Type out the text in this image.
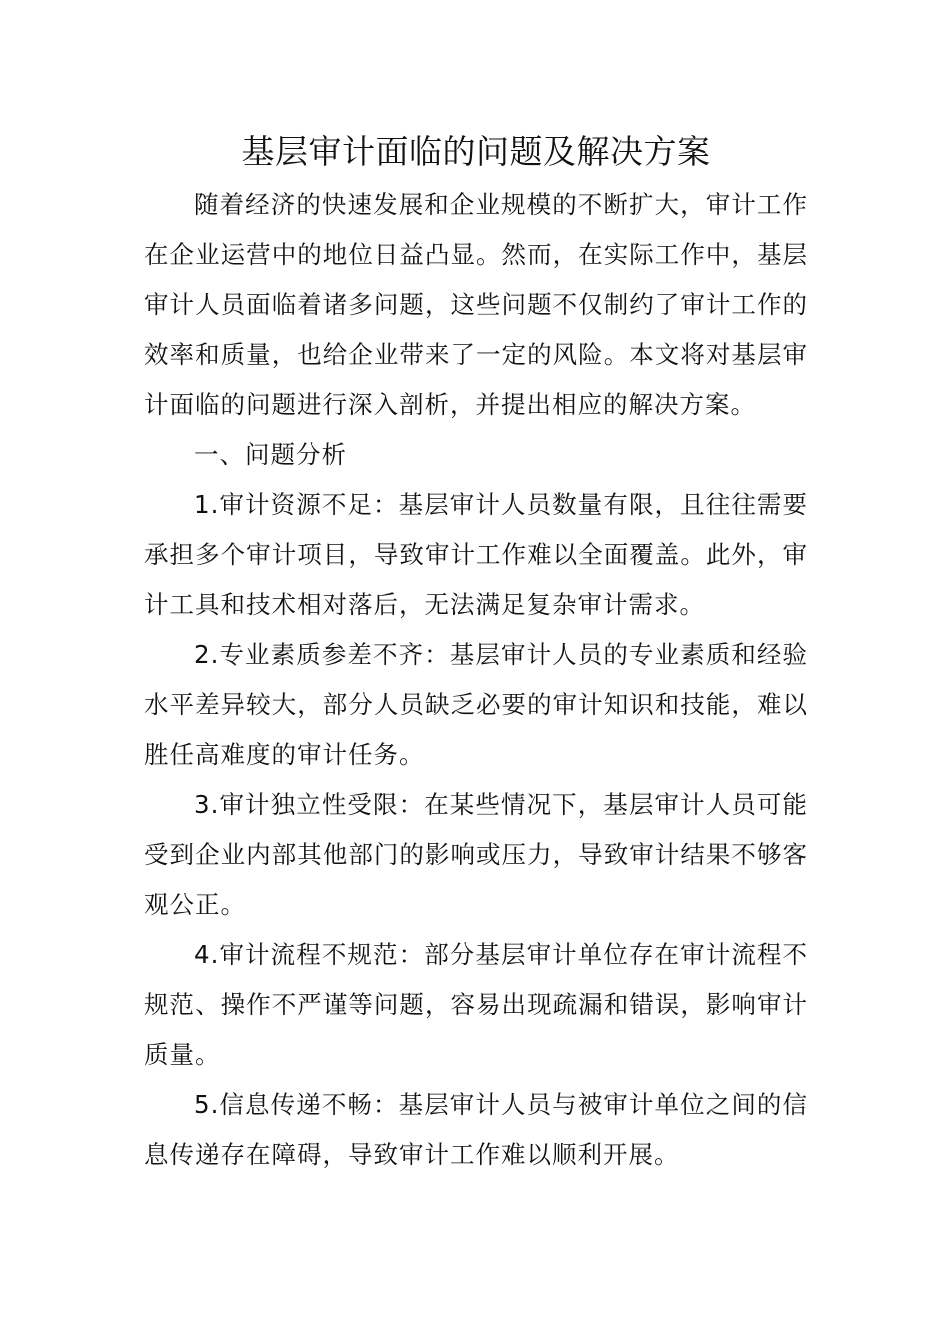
基层审计面临的问题及解决方案

随着经济的快速发展和企业规模的不断扩大，审计工作在企业运营中的地位日益凸显。然而，在实际工作中，基层审计人员面临着诸多问题，这些问题不仅制约了审计工作的效率和质量，也给企业带来了一定的风险。本文将对基层审计面临的问题进行深入剖析，并提出相应的解决方案。

一、问题分析

1.审计资源不足：基层审计人员数量有限，且往往需要承担多个审计项目，导致审计工作难以全面覆盖。此外，审计工具和技术相对落后，无法满足复杂审计需求。

2.专业素质参差不齐：基层审计人员的专业素质和经验水平差异较大，部分人员缺乏必要的审计知识和技能，难以胜任高难度的审计任务。

3.审计独立性受限：在某些情况下，基层审计人员可能受到企业内部其他部门的影响或压力，导致审计结果不够客观公正。

4.审计流程不规范：部分基层审计单位存在审计流程不规范、操作不严谨等问题，容易出现疏漏和错误，影响审计质量。

5.信息传递不畅：基层审计人员与被审计单位之间的信息传递存在障碍，导致审计工作难以顺利开展。
